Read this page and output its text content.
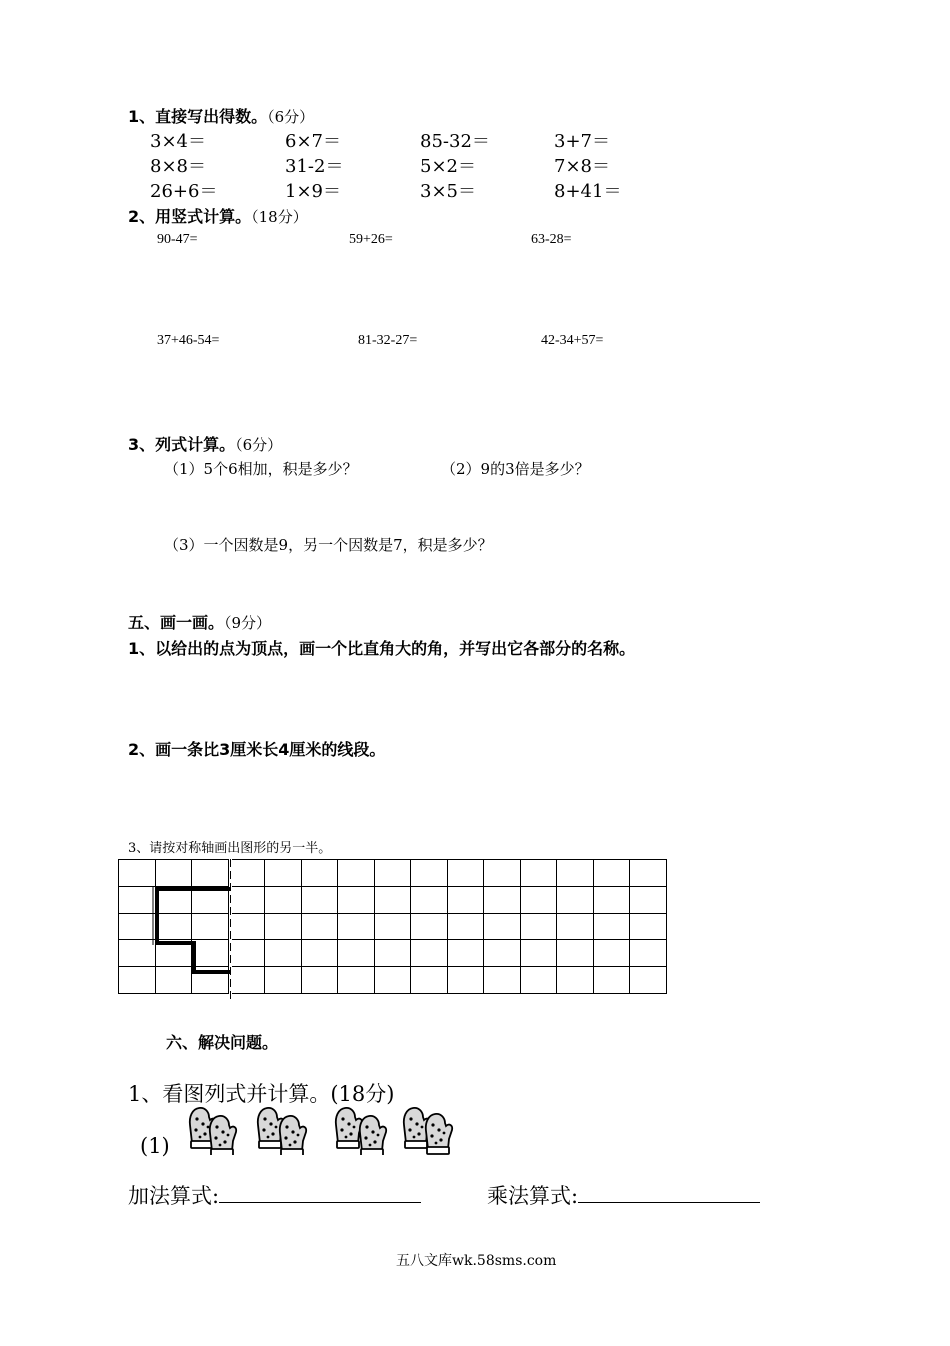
1、直接写出得数。（6分）
3×4＝	6×7＝	85-32＝	3+7＝
8×8＝	31-2＝	5×2＝	7×8＝
26+6＝	1×9＝	3×5＝	8+41＝
2、用竖式计算。（18分）
90-47=	59+26=	63-28=
37+46-54=	81-32-27=	42-34+57=
3、列式计算。（6分）
（1）5个6相加，积是多少？	（2）9的3倍是多少？
（3）一个因数是9，另一个因数是7，积是多少？
五、画一画。（9分）
1、以给出的点为顶点，画一个比直角大的角，并写出它各部分的名称。
2、画一条比3厘米长4厘米的线段。
3、请按对称轴画出图形的另一半。

六、解决问题。
1、看图列式并计算。(18分)
(1)
加法算式:	乘法算式:
五八文库wk.58sms.com
